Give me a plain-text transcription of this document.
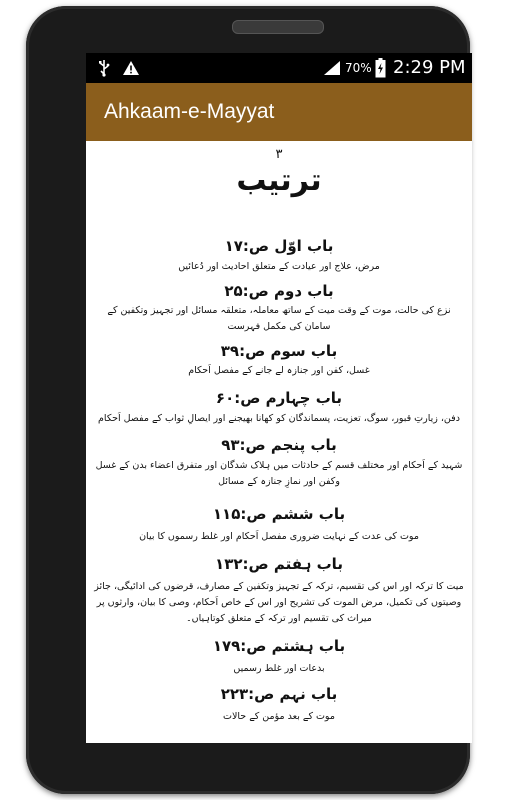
70% 2:29 PM
Ahkaam-e-Mayyat
۳
ترتیب
باب اوّل ص:۱۷
مرض، علاج اور عیادت کے متعلق احادیث اور دُعائیں
باب دوم ص:۲۵
نزع کی حالت، موت کے وقت میت کے ساتھ معاملہ، متعلقہ مسائل اور تجہیز وتکفین کے
سامان کی مکمل فہرست
باب سوم ص:۳۹
غسل، کفن اور جنازہ لے جانے کے مفصل اَحکام
باب چہارم ص:۶۰
دفن، زیارتِ قبور، سوگ، تعزیت، پسماندگان کو کھانا بھیجنے اور ایصالِ ثواب کے مفصل اَحکام
باب پنجم ص:۹۳
شہید کے اَحکام اور مختلف قسم کے حادثات میں ہلاک شدگان اور متفرق اعضاء بدن کے غسل
وکفن اور نمازِ جنازہ کے مسائل
باب ششم ص:۱۱۵
موت کی عدت کے نہایت ضروری مفصل اَحکام اور غلط رسموں کا بیان
باب ہفتم ص:۱۳۲
میت کا ترکہ اور اس کی تقسیم، ترکہ کے تجہیز وتکفین کے مصارف، قرضوں کی ادائیگی، جائز
وصیتوں کی تکمیل، مرض الموت کی تشریح اور اس کے خاص اَحکام، وصی کا بیان، وارثوں پر
میراث کی تقسیم اور ترکہ کے متعلق کوتاہیاں۔
باب ہشتم ص:۱۷۹
بدعات اور غلط رسمیں
باب نہم ص:۲۲۳
موت کے بعد مؤمن کے حالات
